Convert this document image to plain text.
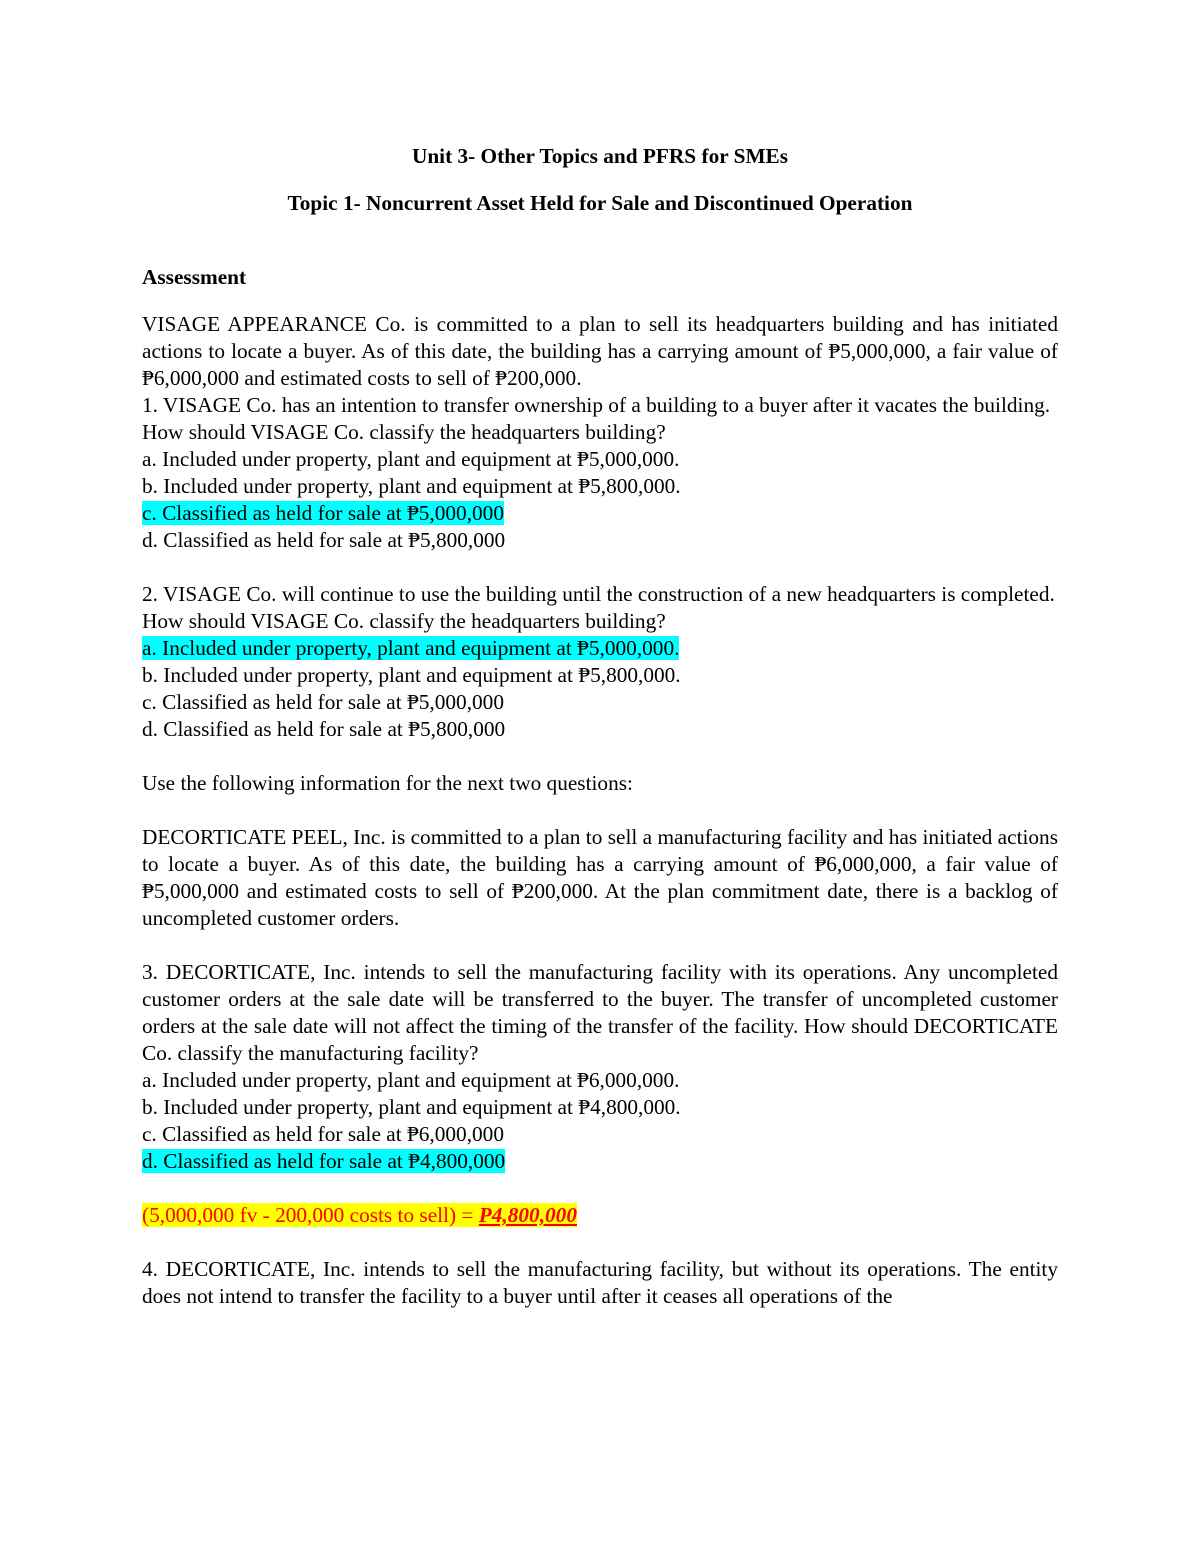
Unit 3- Other Topics and PFRS for SMEs

Topic 1- Noncurrent Asset Held for Sale and Discontinued Operation

Assessment

VISAGE APPEARANCE Co. is committed to a plan to sell its headquarters building and has initiated actions to locate a buyer. As of this date, the building has a carrying amount of ₱5,000,000, a fair value of ₱6,000,000 and estimated costs to sell of ₱200,000.

1. VISAGE Co. has an intention to transfer ownership of a building to a buyer after it vacates the building.

How should VISAGE Co. classify the headquarters building?

a. Included under property, plant and equipment at ₱5,000,000.

b. Included under property, plant and equipment at ₱5,800,000.

c. Classified as held for sale at ₱5,000,000

d. Classified as held for sale at ₱5,800,000

2. VISAGE Co. will continue to use the building until the construction of a new headquarters is completed.

How should VISAGE Co. classify the headquarters building?

a. Included under property, plant and equipment at ₱5,000,000.

b. Included under property, plant and equipment at ₱5,800,000.

c. Classified as held for sale at ₱5,000,000

d. Classified as held for sale at ₱5,800,000

Use the following information for the next two questions:

DECORTICATE PEEL, Inc. is committed to a plan to sell a manufacturing facility and has initiated actions to locate a buyer. As of this date, the building has a carrying amount of ₱6,000,000, a fair value of ₱5,000,000 and estimated costs to sell of ₱200,000. At the plan commitment date, there is a backlog of uncompleted customer orders.

3. DECORTICATE, Inc. intends to sell the manufacturing facility with its operations. Any uncompleted customer orders at the sale date will be transferred to the buyer. The transfer of uncompleted customer orders at the sale date will not affect the timing of the transfer of the facility. How should DECORTICATE Co. classify the manufacturing facility?

a. Included under property, plant and equipment at ₱6,000,000.

b. Included under property, plant and equipment at ₱4,800,000.

c. Classified as held for sale at ₱6,000,000

d. Classified as held for sale at ₱4,800,000

(5,000,000 fv - 200,000 costs to sell) = P4,800,000

4. DECORTICATE, Inc. intends to sell the manufacturing facility, but without its operations. The entity does not intend to transfer the facility to a buyer until after it ceases all operations of the
